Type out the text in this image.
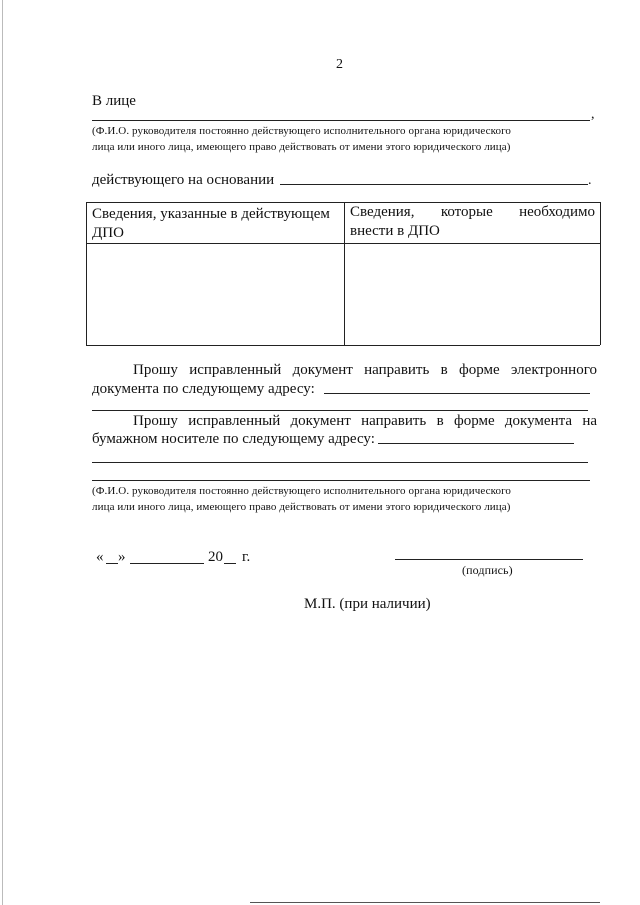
2
В лице
,
(Ф.И.О. руководителя постоянно действующего исполнительного органа юридического
лица или иного лица, имеющего право действовать от имени этого юридического лица)
действующего на основании	.
Сведения, указанные в действующем
ДПО
Сведения, которые необходимо
внести в ДПО
Прошу исправленный документ направить в форме электронного
документа по следующему адресу:
Прошу исправленный документ направить в форме документа на
бумажном носителе по следующему адресу:
(Ф.И.О. руководителя постоянно действующего исполнительного органа юридического
лица или иного лица, имеющего право действовать от имени этого юридического лица)
« »	20 г.
(подпись)
М.П. (при наличии)
